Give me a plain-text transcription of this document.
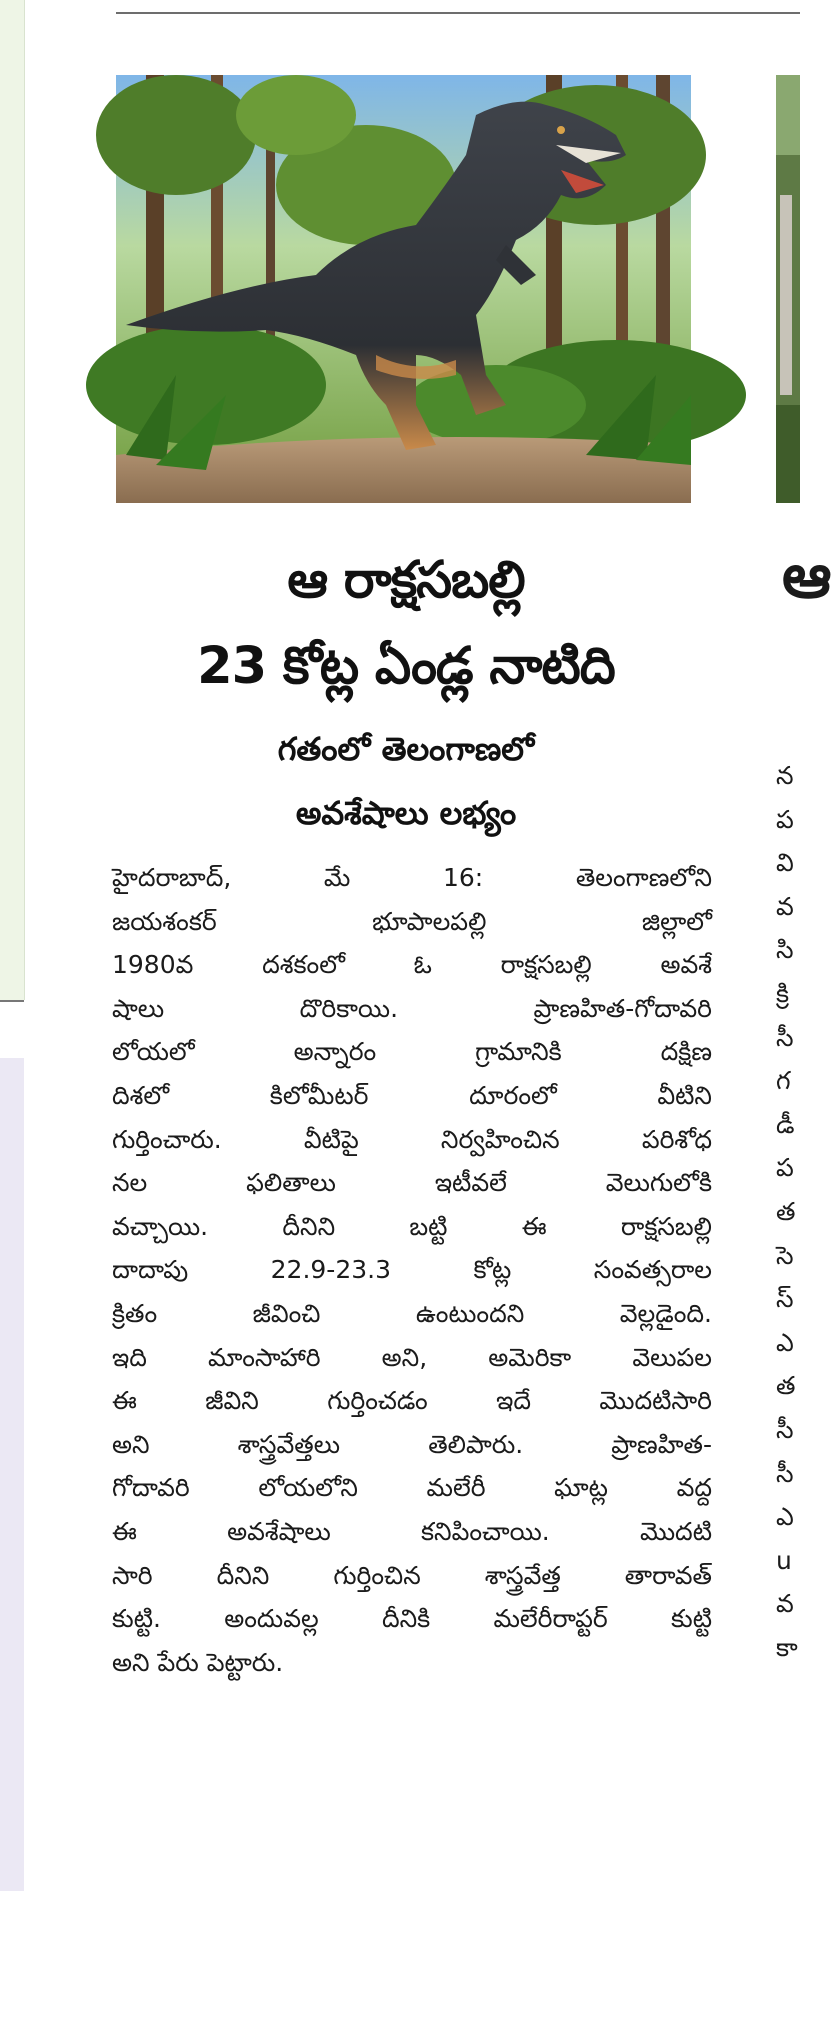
ఆ
ఆ రాక్షసబల్లి
23 కోట్ల ఏండ్ల నాటిది
గతంలో తెలంగాణలో
అవశేషాలు లభ్యం
హైదరాబాద్, మే 16: తెలంగాణలోని
జయశంకర్ భూపాలపల్లి జిల్లాలో
1980వ దశకంలో ఓ రాక్షసబల్లి అవశే
షాలు దొరికాయి. ప్రాణహిత-గోదావరి
లోయలో అన్నారం గ్రామానికి దక్షిణ
దిశలో కిలోమీటర్ దూరంలో వీటిని
గుర్తించారు. వీటిపై నిర్వహించిన పరిశోధ
నల ఫలితాలు ఇటీవలే వెలుగులోకి
వచ్చాయి. దీనిని బట్టి ఈ రాక్షసబల్లి
దాదాపు 22.9-23.3 కోట్ల సంవత్సరాల
క్రితం జీవించి ఉంటుందని వెల్లడైంది.
ఇది మాంసాహారి అని, అమెరికా వెలుపల
ఈ జీవిని గుర్తించడం ఇదే మొదటిసారి
అని శాస్త్రవేత్తలు తెలిపారు. ప్రాణహిత-
గోదావరి లోయలోని మలేరీ ఘాట్ల వద్ద
ఈ అవశేషాలు కనిపించాయి. మొదటి
సారి దీనిని గుర్తించిన శాస్త్రవేత్త తారావత్
కుట్టి. అందువల్ల దీనికి మలేరీరాప్టర్ కుట్టి
అని పేరు పెట్టారు.
న
ప
వి
వ
సి
క్రి
సీ
గ
డీ
ప
త
సె
స్
ఎ
త
సీ
సీ
ఎ
u
వ
కా
